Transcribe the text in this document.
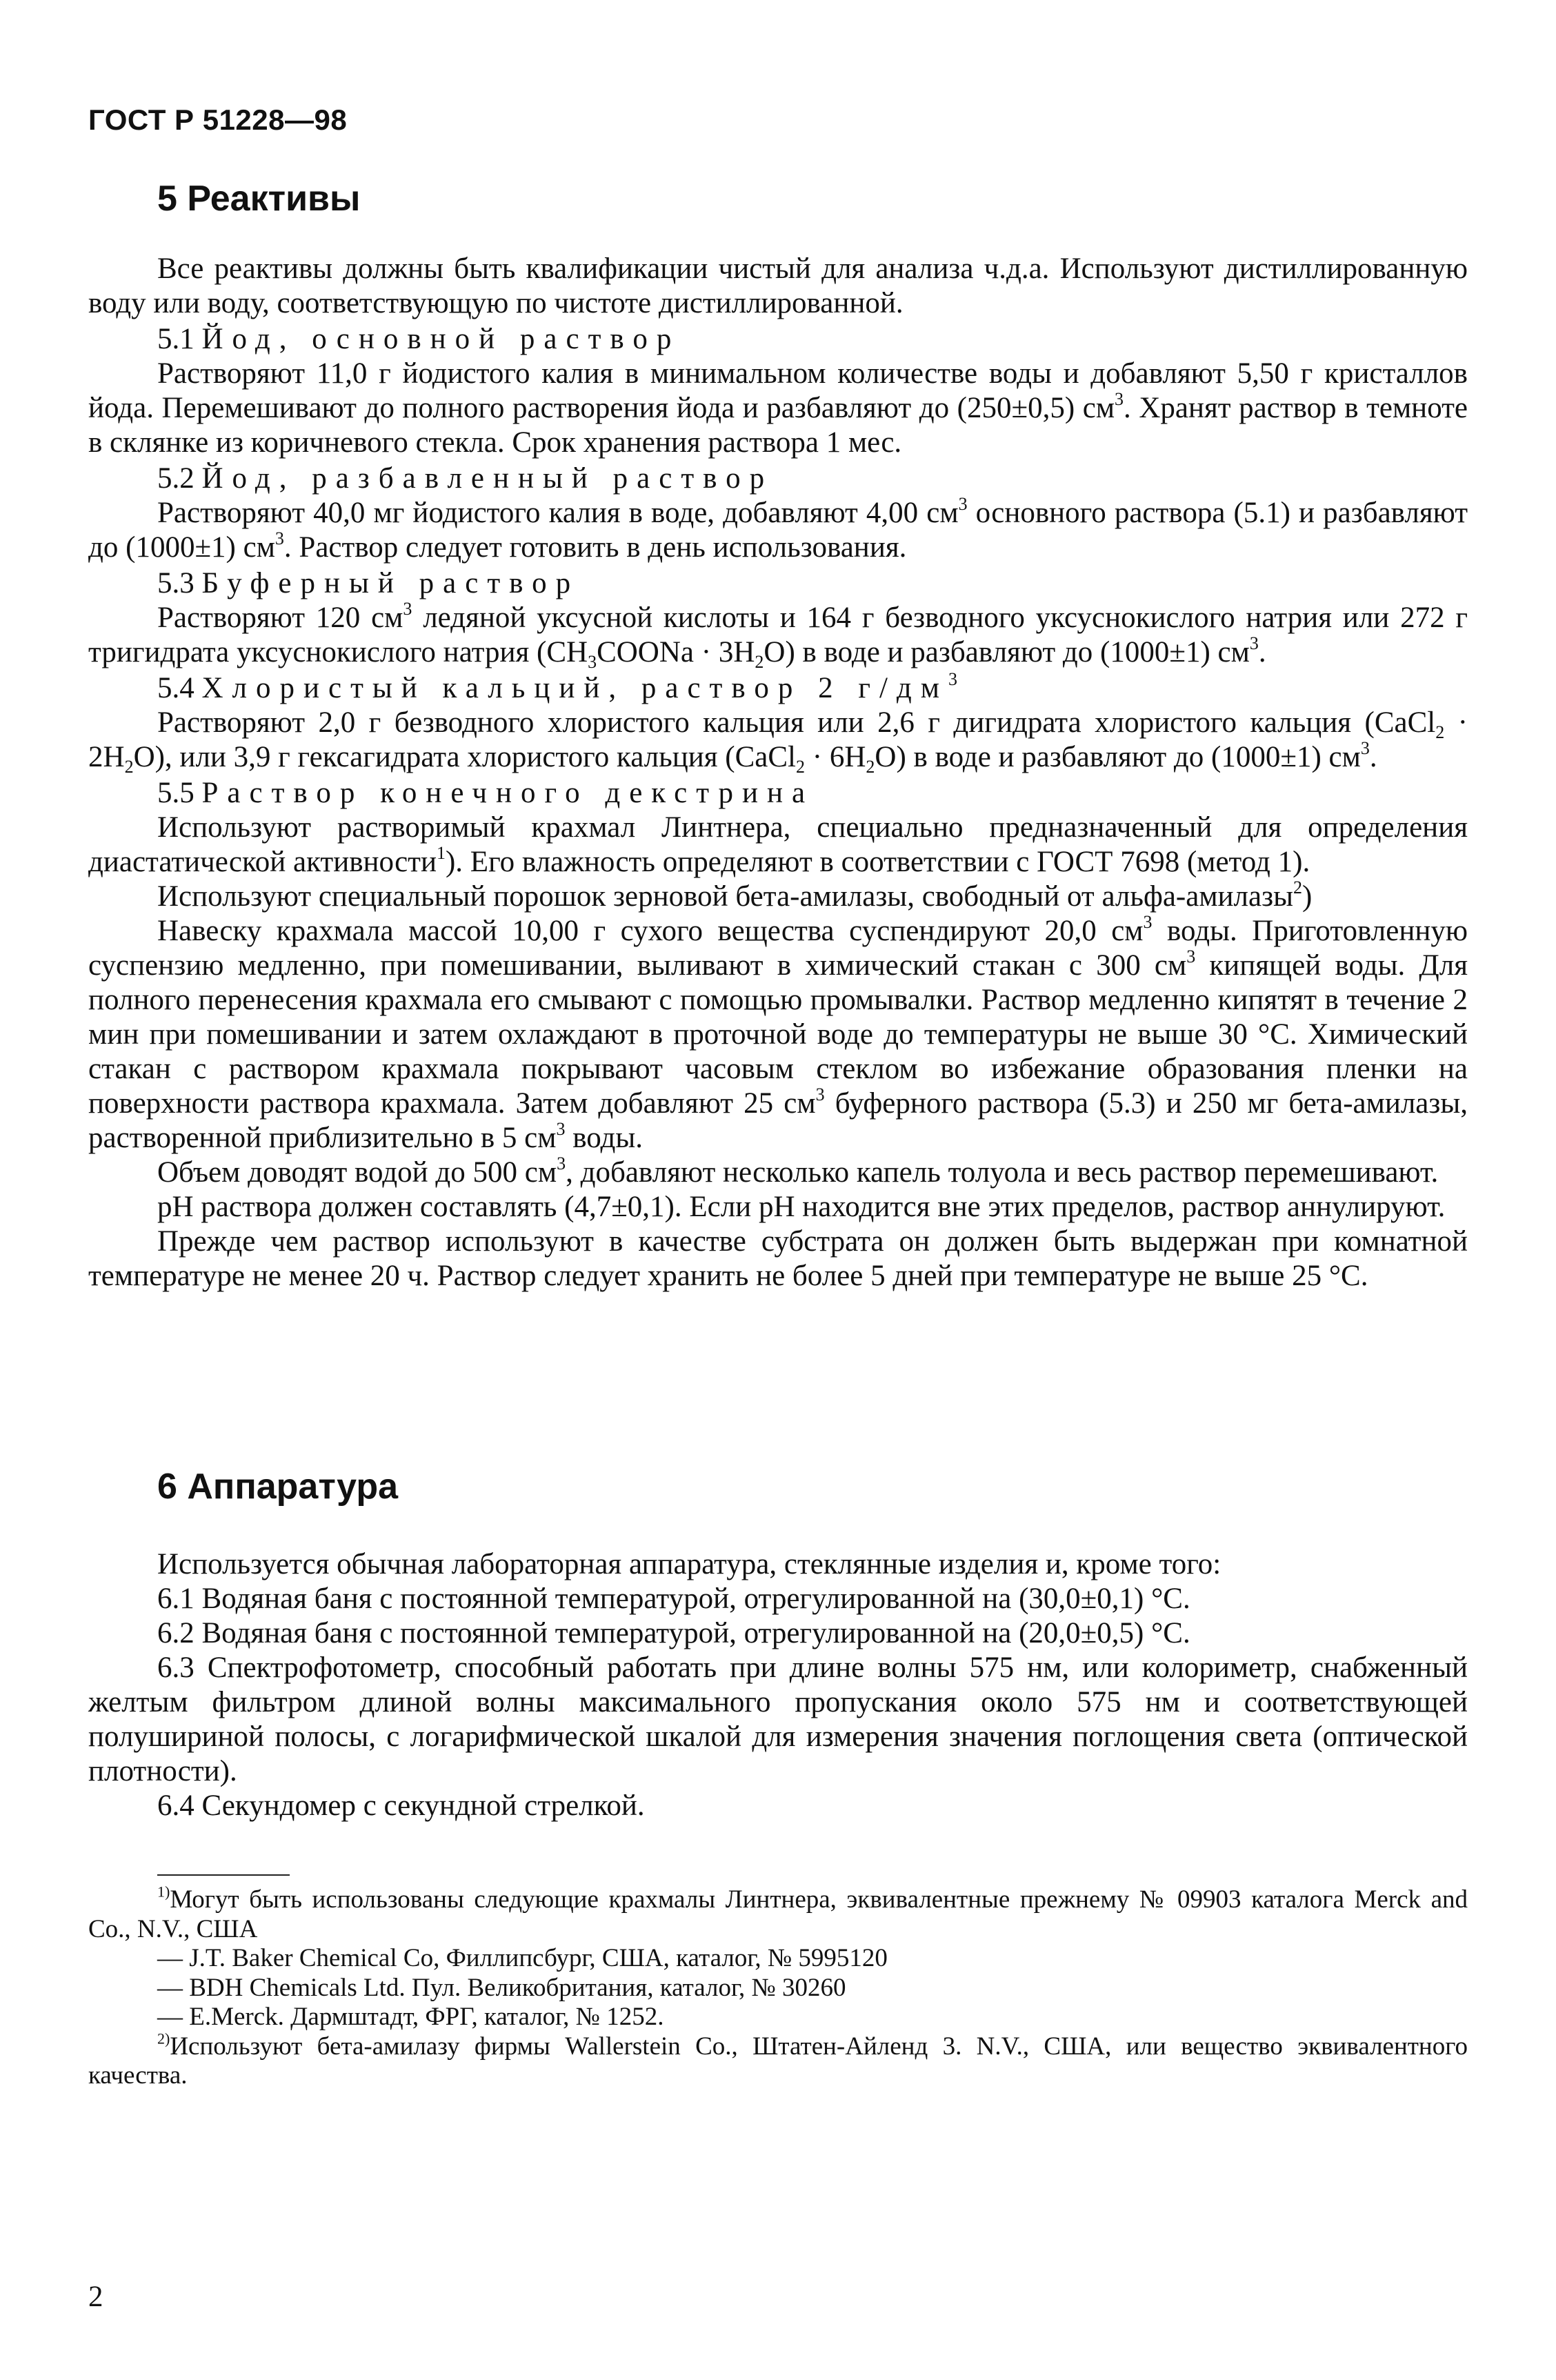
ГОСТ Р 51228—98
5 Реактивы

Все реактивы должны быть квалификации чистый для анализа ч.д.а. Используют дистиллированную воду или воду, соответствующую по чистоте дистиллированной.

5.1 Йод, основной раствор

Растворяют 11,0 г йодистого калия в минимальном количестве воды и добавляют 5,50 г кристаллов йода. Перемешивают до полного растворения йода и разбавляют до (250±0,5) $см^3$. Хранят раствор в темноте в склянке из коричневого стекла. Срок хранения раствора 1 мес.

5.2 Йод, разбавленный раствор

Растворяют 40,0 мг йодистого калия в воде, добавляют 4,00 $см^3$ основного раствора (5.1) и разбавляют до (1000±1) $см^3$. Раствор следует готовить в день использования.

5.3 Буферный раствор

Растворяют 120 $см^3$ ледяной уксусной кислоты и 164 г безводного уксуснокислого натрия или 272 г тригидрата уксуснокислого натрия $(CH_3COONa \cdot 3H_2O)$ в воде и разбавляют до (1000±1) $см^3$.

5.4 Хлористый кальций, раствор 2 $г/дм^3$

Растворяют 2,0 г безводного хлористого кальция или 2,6 г дигидрата хлористого кальция (CaCl$_2$ · $2H_2O$), или 3,9 г гексагидрата хлористого кальция (CaCl$_2$ · $6H_2O$) в воде и разбавляют до (1000±1) $см^3$.

5.5 Раствор конечного декстрина

Используют растворимый крахмал Линтнера, специально предназначенный для определения диастатической активности$^1$). Его влажность определяют в соответствии с ГОСТ 7698 (метод 1).

Используют специальный порошок зерновой бета-амилазы, свободный от альфа-амилазы$^2$)

Навеску крахмала массой 10,00 г сухого вещества суспендируют 20,0 $см^3$ воды. Приготовленную суспензию медленно, при помешивании, выливают в химический стакан с 300 $см^3$ кипящей воды. Для полного перенесения крахмала его смывают с помощью промывалки. Раствор медленно кипятят в течение 2 мин при помешивании и затем охлаждают в проточной воде до температуры не выше 30 °С. Химический стакан с раствором крахмала покрывают часовым стеклом во избежание образования пленки на поверхности раствора крахмала. Затем добавляют 25 $см^3$ буферного раствора (5.3) и 250 мг бета-амилазы, растворенной приблизительно в 5 $см^3$ воды.

Объем доводят водой до 500 $см^3$, добавляют несколько капель толуола и весь раствор перемешивают.

pH раствора должен составлять (4,7±0,1). Если pH находится вне этих пределов, раствор аннулируют.

Прежде чем раствор используют в качестве субстрата он должен быть выдержан при комнатной температуре не менее 20 ч. Раствор следует хранить не более 5 дней при температуре не выше 25 °С.

6 Аппаратура

Используется обычная лабораторная аппаратура, стеклянные изделия и, кроме того:

6.1 Водяная баня с постоянной температурой, отрегулированной на (30,0±0,1) °С.

6.2 Водяная баня с постоянной температурой, отрегулированной на (20,0±0,5) °С.

6.3 Спектрофотометр, способный работать при длине волны 575 нм, или колориметр, снабженный желтым фильтром длиной волны максимального пропускания около 575 нм и соответствующей полушириной полосы, с логарифмической шкалой для измерения значения поглощения света (оптической плотности).

6.4 Секундомер с секундной стрелкой.

$^{1)}$Могут быть использованы следующие крахмалы Линтнера, эквивалентные прежнему № 09903 каталога Merck and Co., N.V., США

— J.T. Baker Chemical Co, Филлипсбург, США, каталог, № 5995120

— BDH Chemicals Ltd. Пул. Великобритания, каталог, № 30260

— E.Merck. Дармштадт, ФРГ, каталог, № 1252.

$^{2)}$Используют бета-амилазу фирмы Wallerstein Co., Штатен-Айленд 3. N.V., США, или вещество эквивалентного качества.

2
